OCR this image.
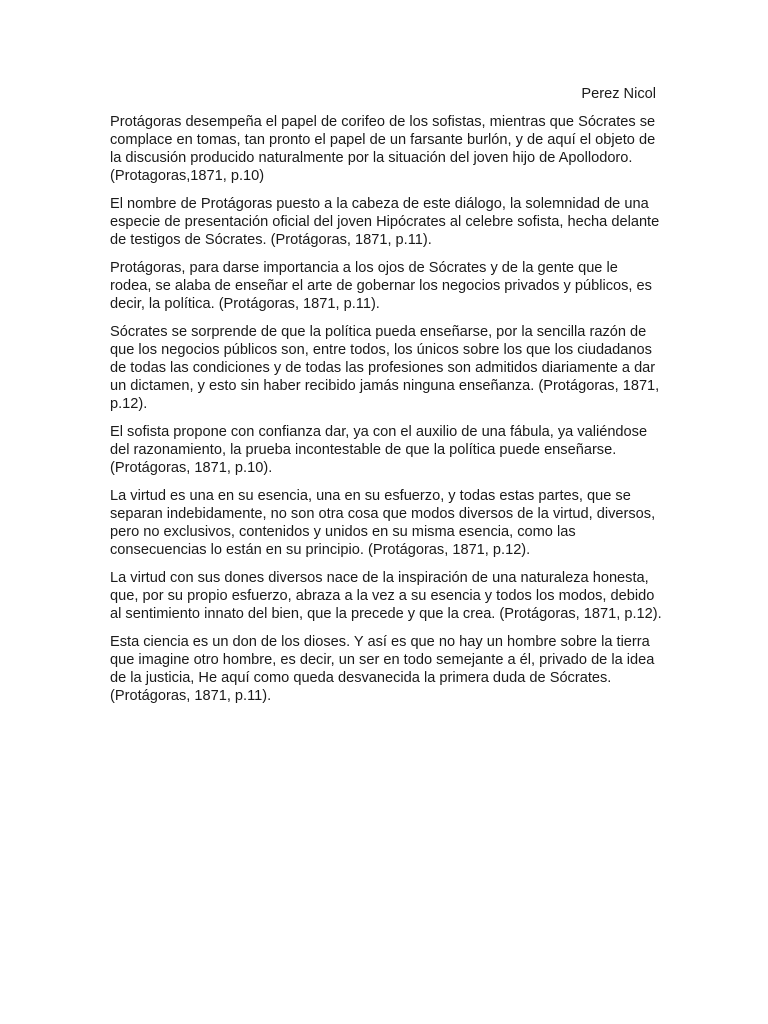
Perez Nicol

Protágoras desempeña el papel de corifeo de los sofistas, mientras que Sócrates se complace en tomas, tan pronto el papel de un farsante burlón, y de aquí el objeto de la discusión producido naturalmente por la situación del joven hijo de Apollodoro.(Protagoras,1871, p.10)

El nombre de Protágoras puesto a la cabeza de este diálogo, la solemnidad de una especie de presentación oficial del joven Hipócrates al celebre sofista, hecha delante de testigos de Sócrates. (Protágoras, 1871, p.11).

Protágoras, para darse importancia a los ojos de Sócrates y de la gente que le rodea, se alaba de enseñar el arte de gobernar los negocios privados y públicos, es decir, la política. (Protágoras, 1871, p.11).

Sócrates se sorprende de que la política pueda enseñarse, por la sencilla razón de que los negocios públicos son, entre todos, los únicos sobre los que los ciudadanos de todas las condiciones y de todas las profesiones son admitidos diariamente a dar un dictamen, y esto sin haber recibido jamás ninguna enseñanza. (Protágoras, 1871, p.12).

El sofista propone con confianza dar, ya con el auxilio de una fábula, ya valiéndose del razonamiento, la prueba incontestable de que la política puede enseñarse. (Protágoras, 1871, p.10).

La virtud es una en su esencia, una en su esfuerzo, y todas estas partes, que se separan indebidamente, no son otra cosa que modos diversos de la virtud, diversos, pero no exclusivos, contenidos y unidos en su misma esencia, como las consecuencias lo están en su principio. (Protágoras, 1871, p.12).

La virtud con sus dones diversos nace de la inspiración de una naturaleza honesta, que, por su propio esfuerzo, abraza a la vez a su esencia y todos los modos, debido al sentimiento innato del bien, que la precede y que la crea. (Protágoras, 1871, p.12).

Esta ciencia es un don de los dioses. Y así es que no hay un hombre sobre la tierra que imagine otro hombre, es decir, un ser en todo semejante a él, privado de la idea de la justicia, He aquí como queda desvanecida la primera duda de Sócrates. (Protágoras, 1871, p.11).
